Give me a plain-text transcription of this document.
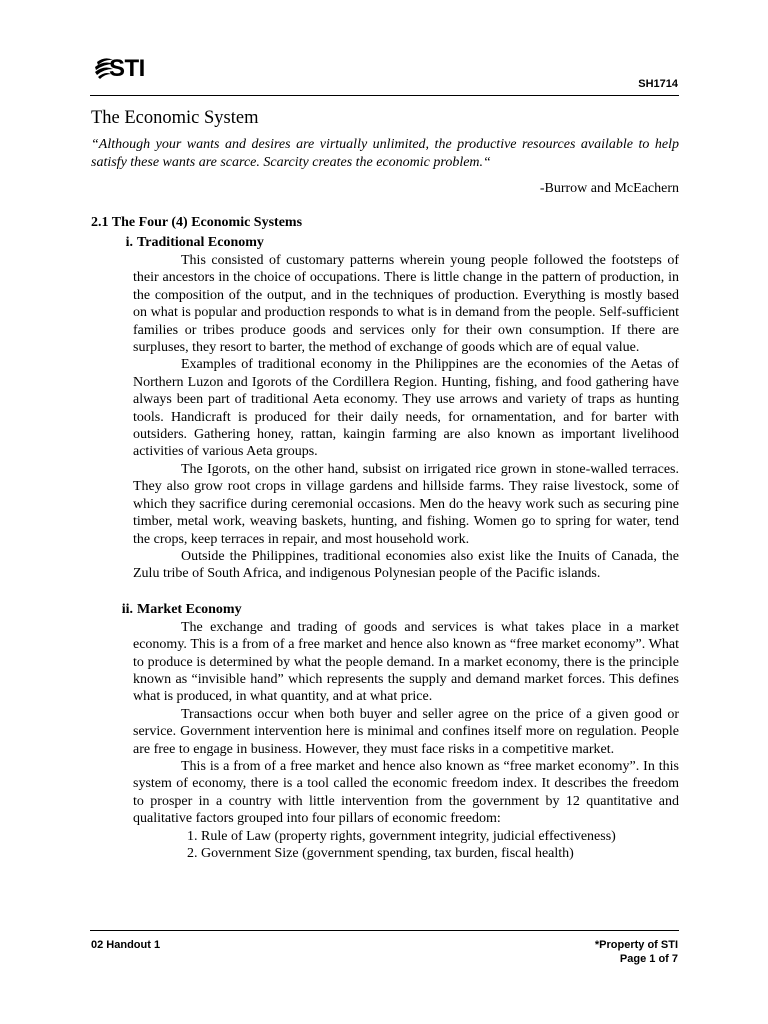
STI
SH1714
The Economic System

“Although your wants and desires are virtually unlimited, the productive resources available to help satisfy these wants are scarce. Scarcity creates the economic problem.“

-Burrow and McEachern

2.1 The Four (4) Economic Systems
i. Traditional Economy

This consisted of customary patterns wherein young people followed the footsteps of their ancestors in the choice of occupations. There is little change in the pattern of production, in the composition of the output, and in the techniques of production. Everything is mostly based on what is popular and production responds to what is in demand from the people. Self-sufficient families or tribes produce goods and services only for their own consumption. If there are surpluses, they resort to barter, the method of exchange of goods which are of equal value.

Examples of traditional economy in the Philippines are the economies of the Aetas of Northern Luzon and Igorots of the Cordillera Region. Hunting, fishing, and food gathering have always been part of traditional Aeta economy. They use arrows and variety of traps as hunting tools. Handicraft is produced for their daily needs, for ornamentation, and for barter with outsiders. Gathering honey, rattan, kaingin farming are also known as important livelihood activities of various Aeta groups.

The Igorots, on the other hand, subsist on irrigated rice grown in stone-walled terraces. They also grow root crops in village gardens and hillside farms. They raise livestock, some of which they sacrifice during ceremonial occasions. Men do the heavy work such as securing pine timber, metal work, weaving baskets, hunting, and fishing. Women go to spring for water, tend the crops, keep terraces in repair, and most household work.

Outside the Philippines, traditional economies also exist like the Inuits of Canada, the Zulu tribe of South Africa, and indigenous Polynesian people of the Pacific islands.

ii. Market Economy

The exchange and trading of goods and services is what takes place in a market economy. This is a from of a free market and hence also known as “free market economy”. What to produce is determined by what the people demand. In a market economy, there is the principle known as “invisible hand” which represents the supply and demand market forces. This defines what is produced, in what quantity, and at what price.

Transactions occur when both buyer and seller agree on the price of a given good or service. Government intervention here is minimal and confines itself more on regulation. People are free to engage in business. However, they must face risks in a competitive market.

This is a from of a free market and hence also known as “free market economy”. In this system of economy, there is a tool called the economic freedom index. It describes the freedom to prosper in a country with little intervention from the government by 12 quantitative and qualitative factors grouped into four pillars of economic freedom:

1. Rule of Law (property rights, government integrity, judicial effectiveness)
2. Government Size (government spending, tax burden, fiscal health)
02 Handout 1	*Property of STI
Page 1 of 7
